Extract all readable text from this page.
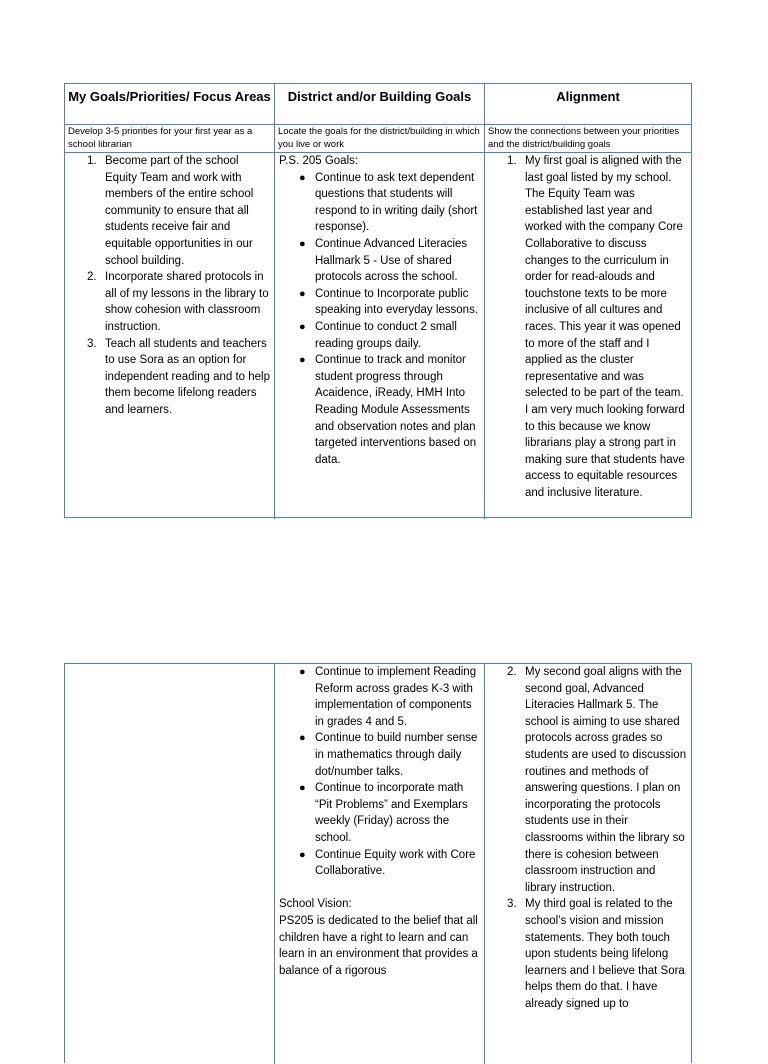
My Goals/Priorities/ Focus Areas	District and/or Building Goals	Alignment
Develop 3-5 priorities for your first year as a school librarian
Locate the goals for the district/building in which you live or work
Show the connections between your priorities and the district/building goals
1. Become part of the school Equity Team and work with members of the entire school community to ensure that all students receive fair and equitable opportunities in our school building.
2. Incorporate shared protocols in all of my lessons in the library to show cohesion with classroom instruction.
3. Teach all students and teachers to use Sora as an option for independent reading and to help them become lifelong readers and learners.

P.S. 205 Goals:

● Continue to ask text dependent questions that students will respond to in writing daily (short response).
● Continue Advanced Literacies Hallmark 5 - Use of shared protocols across the school.
● Continue to Incorporate public speaking into everyday lessons.
● Continue to conduct 2 small reading groups daily.
● Continue to track and monitor student progress through Acaidence, iReady, HMH Into Reading Module Assessments and observation notes and plan targeted interventions based on data.
1. My first goal is aligned with the last goal listed by my school. The Equity Team was established last year and worked with the company Core Collaborative to discuss changes to the curriculum in order for read-alouds and touchstone texts to be more inclusive of all cultures and races. This year it was opened to more of the staff and I applied as the cluster representative and was selected to be part of the team. I am very much looking forward to this because we know librarians play a strong part in making sure that students have access to equitable resources and inclusive literature.
● Continue to implement Reading Reform across grades K-3 with implementation of components in grades 4 and 5.
● Continue to build number sense in mathematics through daily dot/number talks.
● Continue to incorporate math “Pit Problems” and Exemplars weekly (Friday) across the school.
● Continue Equity work with Core Collaborative.

School Vision:

PS205 is dedicated to the belief that all children have a right to learn and can learn in an environment that provides a balance of a rigorous

2. My second goal aligns with the second goal, Advanced Literacies Hallmark 5. The school is aiming to use shared protocols across grades so students are used to discussion routines and methods of answering questions. I plan on incorporating the protocols students use in their classrooms within the library so there is cohesion between classroom instruction and library instruction.
3. My third goal is related to the school’s vision and mission statements. They both touch upon students being lifelong learners and I believe that Sora helps them do that. I have already signed up to
